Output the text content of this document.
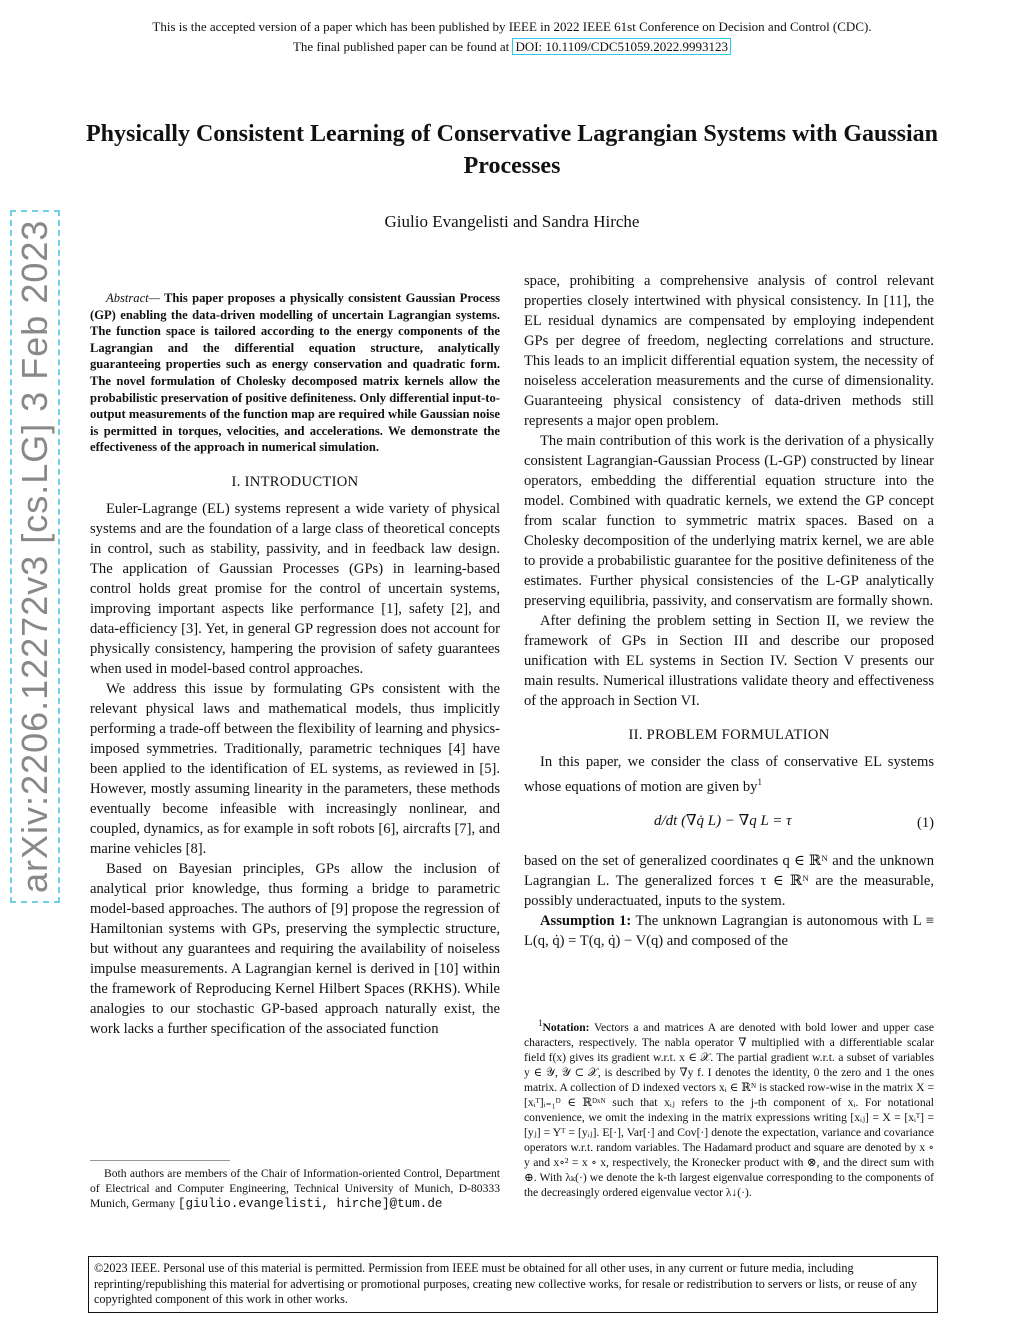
This is the accepted version of a paper which has been published by IEEE in 2022 IEEE 61st Conference on Decision and Control (CDC).
The final published paper can be found at DOI: 10.1109/CDC51059.2022.9993123
Physically Consistent Learning of Conservative Lagrangian Systems with Gaussian Processes
Giulio Evangelisti and Sandra Hirche
arXiv:2206.12272v3 [cs.LG] 3 Feb 2023	Abstract— This paper proposes a physically consistent Gaussian Process (GP) enabling the data-driven modelling of uncertain Lagrangian systems. The function space is tailored according to the energy components of the Lagrangian and the differential equation structure, analytically guaranteeing properties such as energy conservation and quadratic form. The novel formulation of Cholesky decomposed matrix kernels allow the probabilistic preservation of positive definiteness. Only differential input-to-output measurements of the function map are required while Gaussian noise is permitted in torques, velocities, and accelerations. We demonstrate the effectiveness of the approach in numerical simulation.

I. INTRODUCTION

Euler-Lagrange (EL) systems represent a wide variety of physical systems and are the foundation of a large class of theoretical concepts in control, such as stability, passivity, and in feedback law design. The application of Gaussian Processes (GPs) in learning-based control holds great promise for the control of uncertain systems, improving important aspects like performance [1], safety [2], and data-efficiency [3]. Yet, in general GP regression does not account for physically consistency, hampering the provision of safety guarantees when used in model-based control approaches.

We address this issue by formulating GPs consistent with the relevant physical laws and mathematical models, thus implicitly performing a trade-off between the flexibility of learning and physics-imposed symmetries. Traditionally, parametric techniques [4] have been applied to the identification of EL systems, as reviewed in [5]. However, mostly assuming linearity in the parameters, these methods eventually become infeasible with increasingly nonlinear, and coupled, dynamics, as for example in soft robots [6], aircrafts [7], and marine vehicles [8].

Based on Bayesian principles, GPs allow the inclusion of analytical prior knowledge, thus forming a bridge to parametric model-based approaches. The authors of [9] propose the regression of Hamiltonian systems with GPs, preserving the symplectic structure, but without any guarantees and requiring the availability of noiseless impulse measurements. A Lagrangian kernel is derived in [10] within the framework of Reproducing Kernel Hilbert Spaces (RKHS). While analogies to our stochastic GP-based approach naturally exist, the work lacks a further specification of the associated function

space, prohibiting a comprehensive analysis of control relevant properties closely intertwined with physical consistency. In [11], the EL residual dynamics are compensated by employing independent GPs per degree of freedom, neglecting correlations and structure. This leads to an implicit differential equation system, the necessity of noiseless acceleration measurements and the curse of dimensionality. Guaranteeing physical consistency of data-driven methods still represents a major open problem.

The main contribution of this work is the derivation of a physically consistent Lagrangian-Gaussian Process (L-GP) constructed by linear operators, embedding the differential equation structure into the model. Combined with quadratic kernels, we extend the GP concept from scalar function to symmetric matrix spaces. Based on a Cholesky decomposition of the underlying matrix kernel, we are able to provide a probabilistic guarantee for the positive definiteness of the estimates. Further physical consistencies of the L-GP analytically preserving equilibria, passivity, and conservatism are formally shown.

After defining the problem setting in Section II, we review the framework of GPs in Section III and describe our proposed unification with EL systems in Section IV. Section V presents our main results. Numerical illustrations validate theory and effectiveness of the approach in Section VI.

II. PROBLEM FORMULATION

In this paper, we consider the class of conservative EL systems whose equations of motion are given $by^1$

d/dt (∇q̇ L) − ∇q L = τ	(1)

based on the set of generalized coordinates q ∈ ℝᴺ and the unknown Lagrangian L. The generalized forces τ ∈ ℝᴺ are the measurable, possibly underactuated, inputs to the system.

Assumption 1: The unknown Lagrangian is autonomous with L ≡ L(q, q̇) = T(q, q̇) − V(q) and composed of the

$^1$Notation: Vectors a and matrices A are denoted with bold lower and upper case characters, respectively. The nabla operator ∇ multiplied with a differentiable scalar field f(x) gives its gradient w.r.t. x ∈ 𝒳. The partial gradient w.r.t. a subset of variables y ∈ 𝒴, 𝒴 ⊂ 𝒳, is described by ∇y f. I denotes the identity, 0 the zero and 1 the ones matrix. A collection of D indexed vectors xᵢ ∈ ℝᴺ is stacked row-wise in the matrix X = [xᵢᵀ]ᵢ₌₁ᴰ ∈ ℝᴰˣᴺ such that xᵢⱼ refers to the j-th component of xᵢ. For notational convenience, we omit the indexing in the matrix expressions writing [xᵢⱼ] = X = [xᵢᵀ] = [yⱼ] = Yᵀ = [yᵢⱼ]. E[·], Var[·] and Cov[·] denote the expectation, variance and covariance operators w.r.t. random variables. The Hadamard product and square are denoted by x ∘ y and x∘² = x ∘ x, respectively, the Kronecker product with ⊗, and the direct sum with ⊕. With λₖ(·) we denote the k-th largest eigenvalue corresponding to the components of the decreasingly ordered eigenvalue vector λ↓(·).

Both authors are members of the Chair of Information-oriented Control, Department of Electrical and Computer Engineering, Technical University of Munich, D-80333 Munich, Germany [giulio.evangelisti, hirche]@tum.de

©2023 IEEE. Personal use of this material is permitted. Permission from IEEE must be obtained for all other uses, in any current or future media, including reprinting/republishing this material for advertising or promotional purposes, creating new collective works, for resale or redistribution to servers or lists, or reuse of any copyrighted component of this work in other works.
